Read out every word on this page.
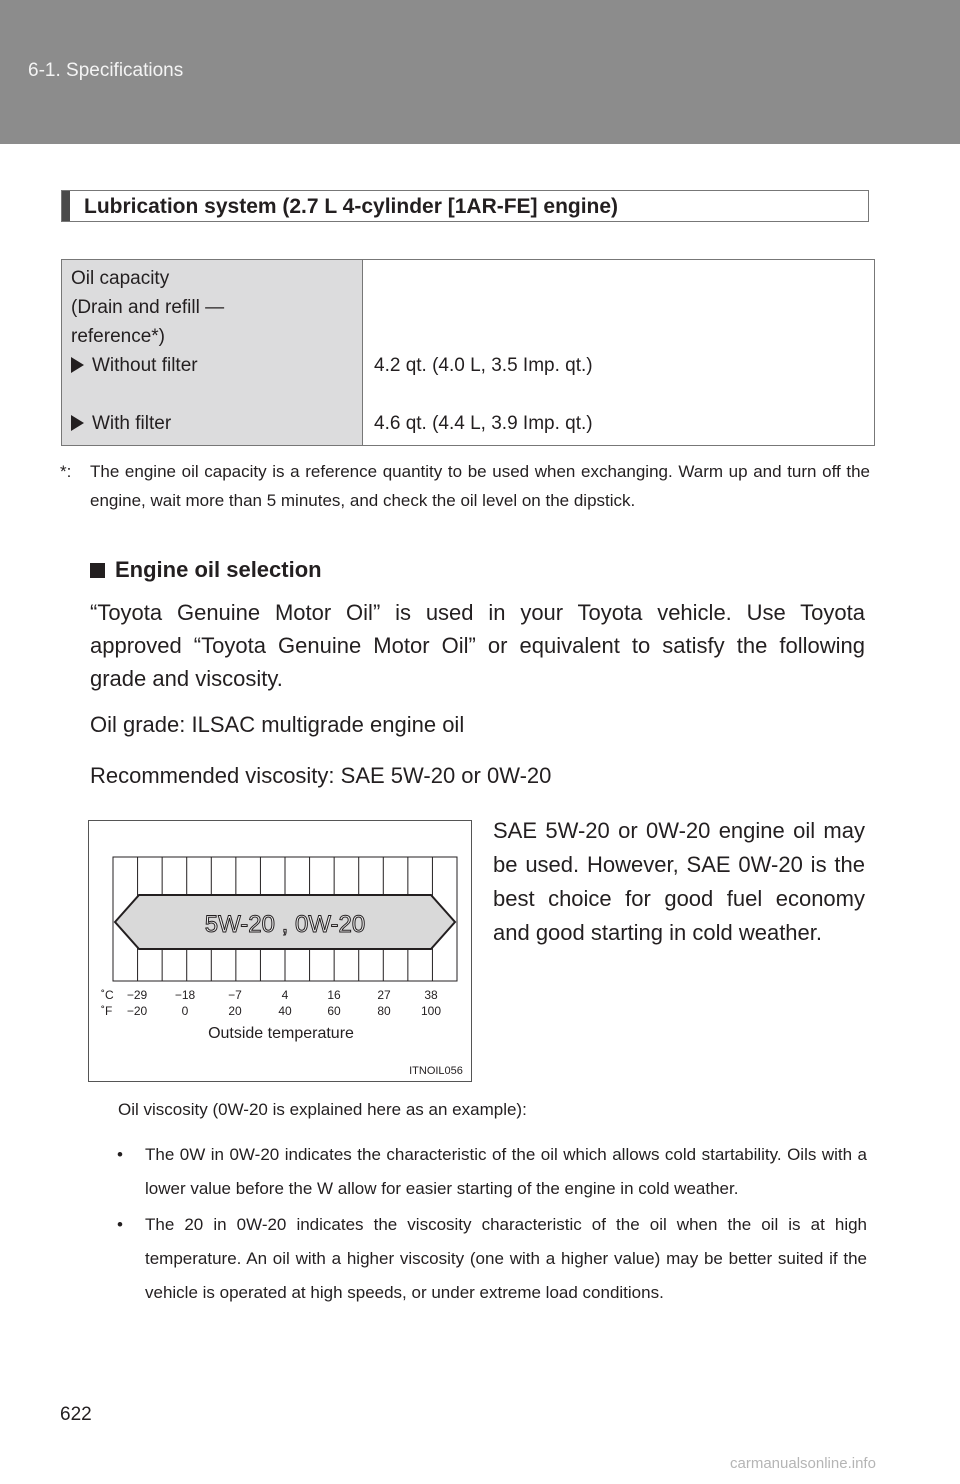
6-1. Specifications
Lubrication system (2.7 L 4-cylinder [1AR-FE] engine)
Oil capacity
(Drain and refill —
reference*)
Without filter	4.2 qt. (4.0 L, 3.5 Imp. qt.)
With filter	4.6 qt. (4.4 L, 3.9 Imp. qt.)
*: The engine oil capacity is a reference quantity to be used when exchanging. Warm up and turn off the engine, wait more than 5 minutes, and check the oil level on the dipstick.
Engine oil selection
“Toyota Genuine Motor Oil” is used in your Toyota vehicle. Use Toyota approved “Toyota Genuine Motor Oil” or equivalent to satisfy the following grade and viscosity.
Oil grade: ILSAC multigrade engine oil
Recommended viscosity: SAE 5W-20 or 0W-20
SAE 5W-20 or 0W-20 engine oil may be used. However, SAE 0W-20 is the best choice for good fuel economy and good starting in cold weather.
5W-20 , 0W-20
˚C
˚F
−29 −18	−7	4	16	27	38
−20	0	20	40	60	80	100
Outside temperature
ITNOIL056
Oil viscosity (0W-20 is explained here as an example):
• The 0W in 0W-20 indicates the characteristic of the oil which allows cold startability. Oils with a lower value before the W allow for easier starting of the engine in cold weather.
• The 20 in 0W-20 indicates the viscosity characteristic of the oil when the oil is at high temperature. An oil with a higher viscosity (one with a higher value) may be better suited if the vehicle is operated at high speeds, or under extreme load conditions.
622
carmanualsonline.info
